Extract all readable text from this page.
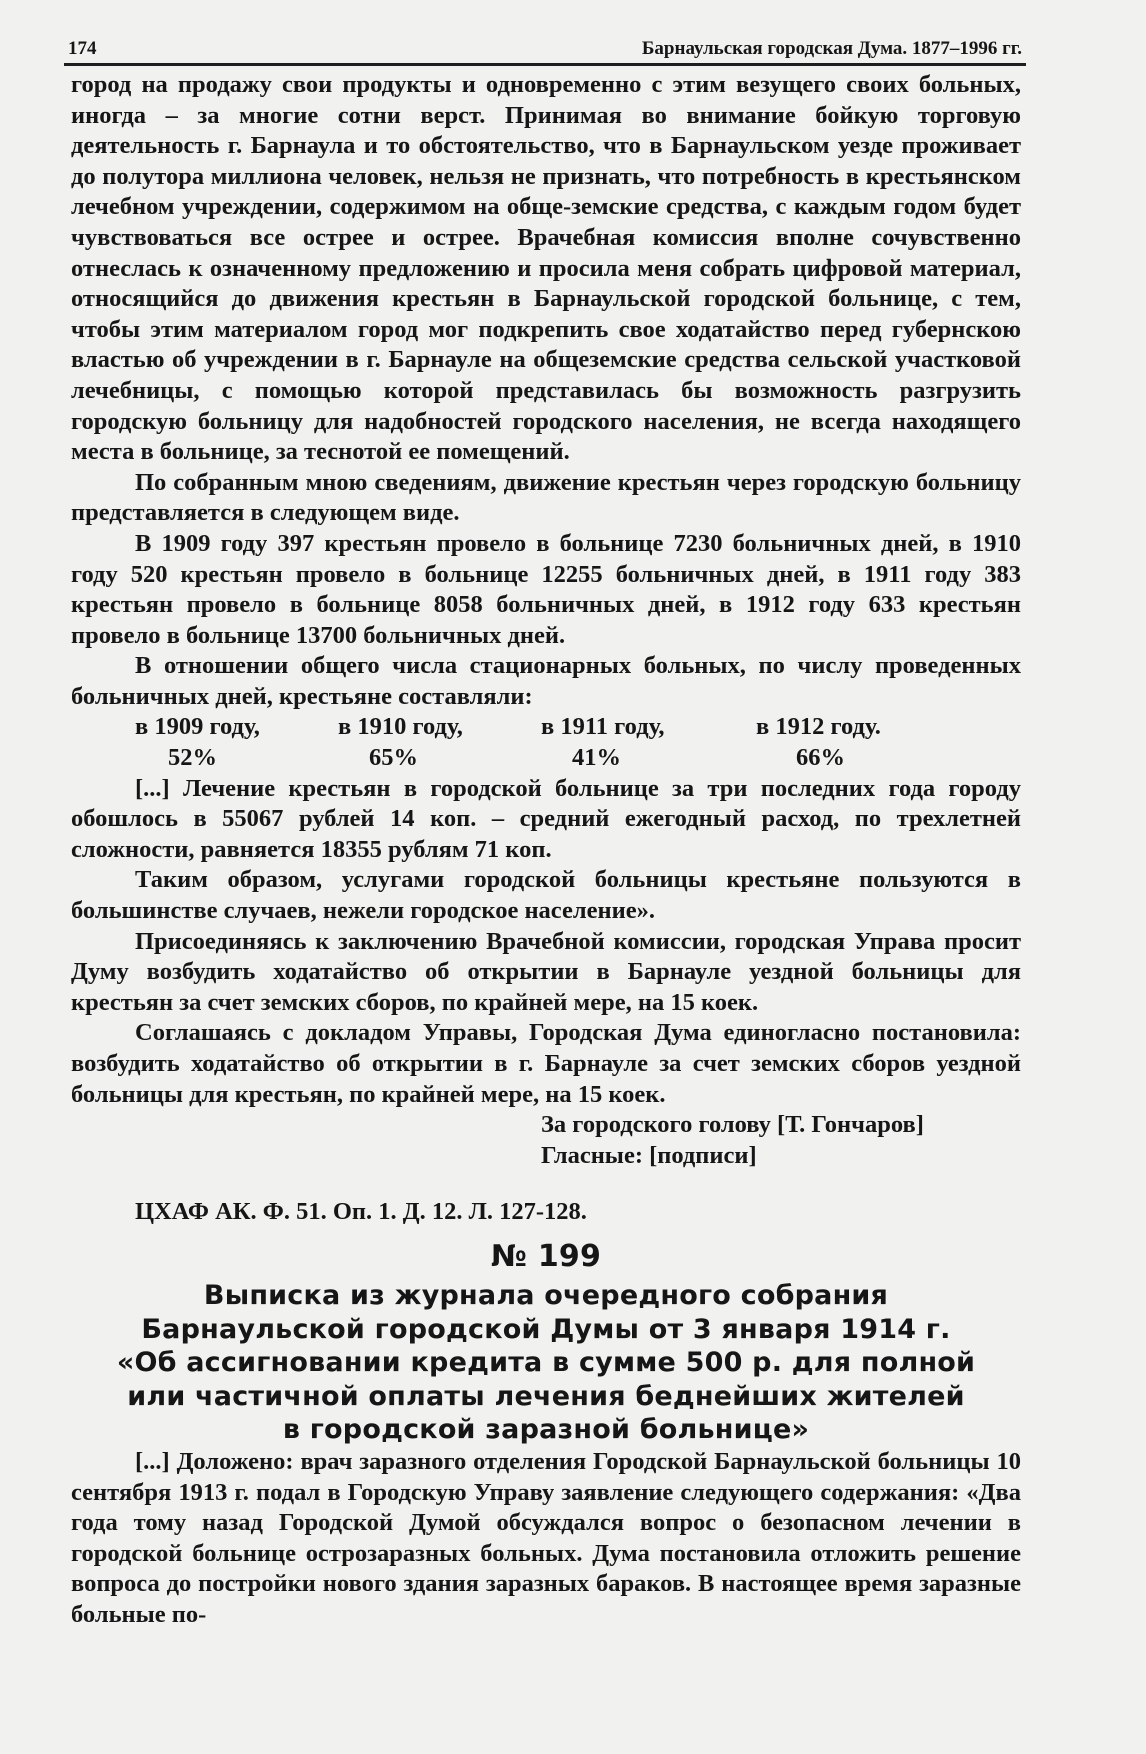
174	Барнаульская городская Дума. 1877–1996 гг.

город на продажу свои продукты и одновременно с этим везущего своих больных, иногда – за многие сотни верст. Принимая во внимание бойкую торговую деятельность г. Барнаула и то обстоятельство, что в Барнаульском уезде проживает до полутора миллиона человек, нельзя не признать, что потребность в крестьянском лечебном учреждении, содержимом на обще-земские средства, с каждым годом будет чувствоваться все острее и острее. Врачебная комиссия вполне сочувственно отнеслась к означенному предложению и просила меня собрать цифровой материал, относящийся до движения крестьян в Барнаульской городской больнице, с тем, чтобы этим материалом город мог подкрепить свое ходатайство перед губернскою властью об учреждении в г. Барнауле на общеземские средства сельской участковой лечебницы, с помощью которой представилась бы возможность разгрузить городскую больницу для надобностей городского населения, не всегда находящего места в больнице, за теснотой ее помещений.

По собранным мною сведениям, движение крестьян через городскую больницу представляется в следующем виде.

В 1909 году 397 крестьян провело в больнице 7230 больничных дней, в 1910 году 520 крестьян провело в больнице 12255 больничных дней, в 1911 году 383 крестьян провело в больнице 8058 больничных дней, в 1912 году 633 крестьян провело в больнице 13700 больничных дней.

В отношении общего числа стационарных больных, по числу проведенных больничных дней, крестьяне составляли:

в 1909 году,	в 1910 году,	в 1911 году,	в 1912 году.
52%	65%	41%	66%

[...] Лечение крестьян в городской больнице за три последних года городу обошлось в 55067 рублей 14 коп. – средний ежегодный расход, по трехлетней сложности, равняется 18355 рублям 71 коп.

Таким образом, услугами городской больницы крестьяне пользуются в большинстве случаев, нежели городское население».

Присоединяясь к заключению Врачебной комиссии, городская Управа просит Думу возбудить ходатайство об открытии в Барнауле уездной больницы для крестьян за счет земских сборов, по крайней мере, на 15 коек.

Соглашаясь с докладом Управы, Городская Дума единогласно постановила: возбудить ходатайство об открытии в г. Барнауле за счет земских сборов уездной больницы для крестьян, по крайней мере, на 15 коек.

За городского голову [Т. Гончаров]
Гласные: [подписи]
ЦХАФ АК. Ф. 51. Оп. 1. Д. 12. Л. 127-128.
№ 199
Выписка из журнала очередного собрания
Барнаульской городской Думы от 3 января 1914 г.
«Об ассигновании кредита в сумме 500 р. для полной
или частичной оплаты лечения беднейших жителей
в городской заразной больнице»

[...] Доложено: врач заразного отделения Городской Барнаульской больницы 10 сентября 1913 г. подал в Городскую Управу заявление следующего содержания: «Два года тому назад Городской Думой обсуждался вопрос о безопасном лечении в городской больнице острозаразных больных. Дума постановила отложить решение вопроса до постройки нового здания заразных бараков. В настоящее время заразные больные по-
